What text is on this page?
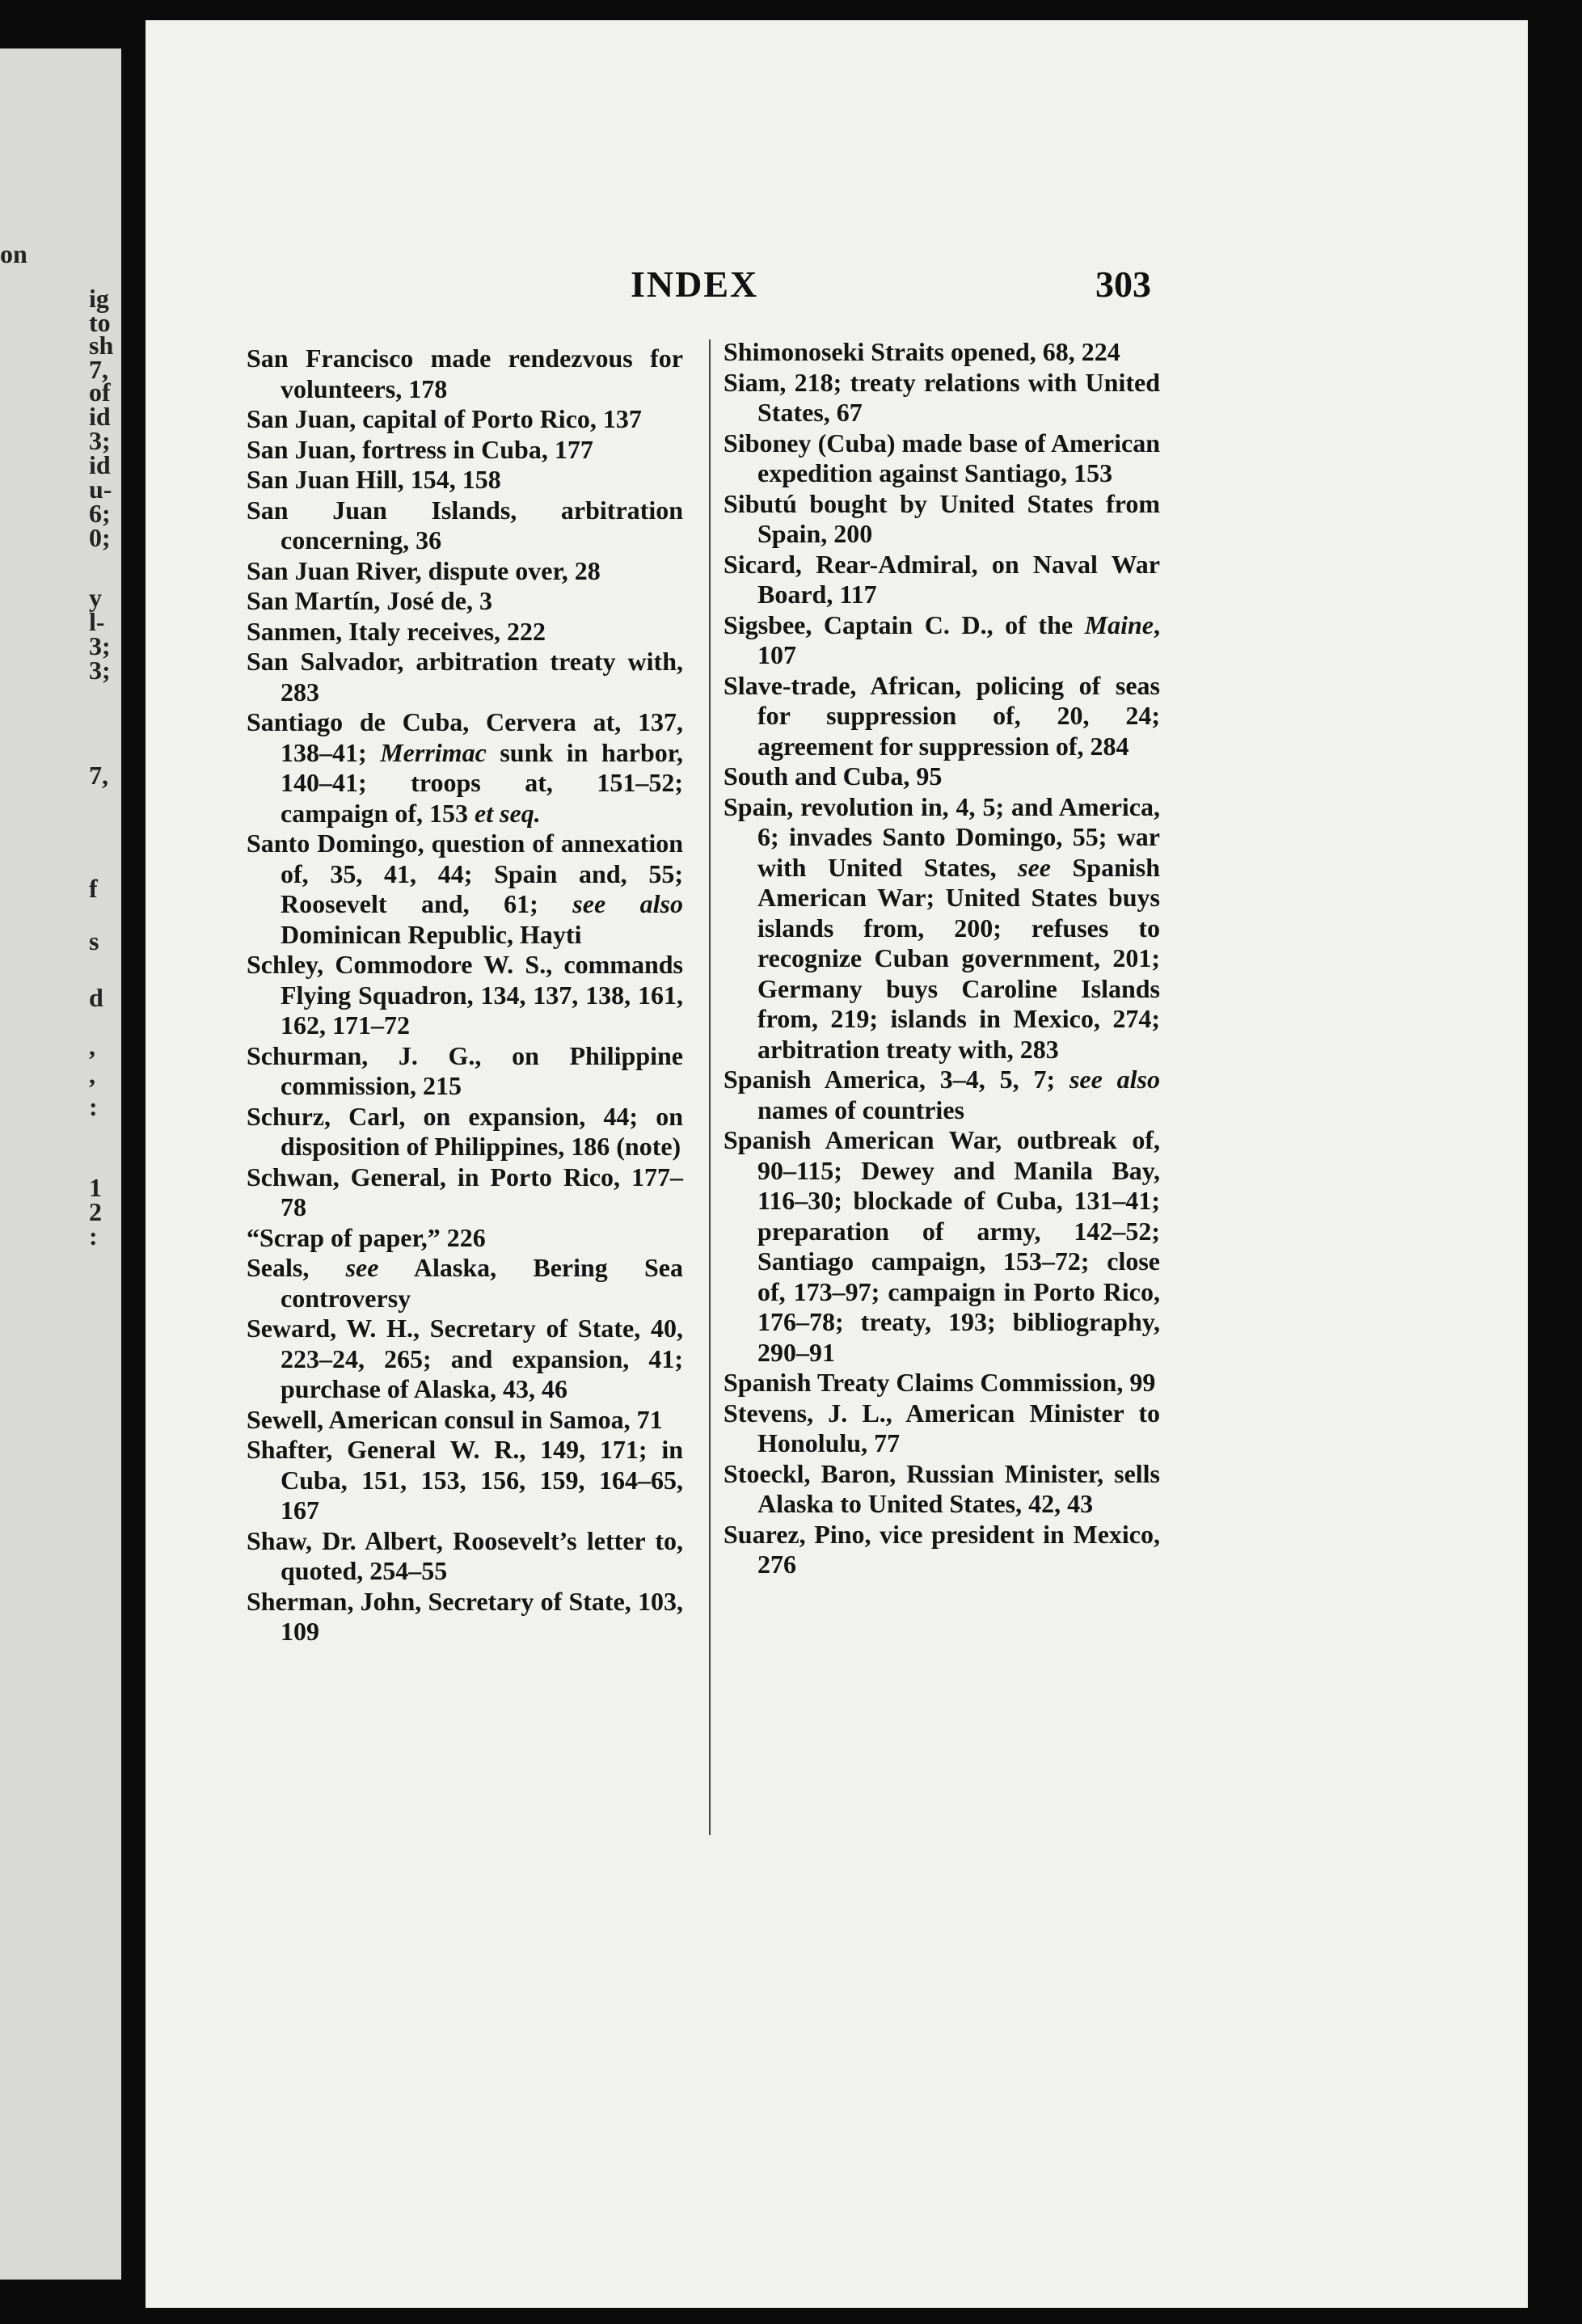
on
ig
to
sh
7,
of
id
3;
id
u-
6;
0;
y
l-
3;
3;
7,
f
s
d
,
,
:
1
2
:
INDEX	303
San Francisco made rendezvous for volunteers, 178
San Juan, capital of Porto Rico, 137
San Juan, fortress in Cuba, 177
San Juan Hill, 154, 158
San Juan Islands, arbitration concerning, 36
San Juan River, dispute over, 28
San Martín, José de, 3
Sanmen, Italy receives, 222
San Salvador, arbitration treaty with, 283
Santiago de Cuba, Cervera at, 137, 138–41; Merrimac sunk in harbor, 140–41; troops at, 151–52; campaign of, 153 et seq.
Santo Domingo, question of annexation of, 35, 41, 44; Spain and, 55; Roosevelt and, 61; see also Dominican Republic, Hayti
Schley, Commodore W. S., commands Flying Squadron, 134, 137, 138, 161, 162, 171–72
Schurman, J. G., on Philippine commission, 215
Schurz, Carl, on expansion, 44; on disposition of Philippines, 186 (note)
Schwan, General, in Porto Rico, 177–78
“Scrap of paper,” 226
Seals, see Alaska, Bering Sea controversy
Seward, W. H., Secretary of State, 40, 223–24, 265; and expansion, 41; purchase of Alaska, 43, 46
Sewell, American consul in Samoa, 71
Shafter, General W. R., 149, 171; in Cuba, 151, 153, 156, 159, 164–65, 167
Shaw, Dr. Albert, Roosevelt’s letter to, quoted, 254–55
Sherman, John, Secretary of State, 103, 109
Shimonoseki Straits opened, 68, 224
Siam, 218; treaty relations with United States, 67
Siboney (Cuba) made base of American expedition against Santiago, 153
Sibutú bought by United States from Spain, 200
Sicard, Rear-Admiral, on Naval War Board, 117
Sigsbee, Captain C. D., of the Maine, 107
Slave-trade, African, policing of seas for suppression of, 20, 24; agreement for suppression of, 284
South and Cuba, 95
Spain, revolution in, 4, 5; and America, 6; invades Santo Domingo, 55; war with United States, see Spanish American War; United States buys islands from, 200; refuses to recognize Cuban government, 201; Germany buys Caroline Islands from, 219; islands in Mexico, 274; arbitration treaty with, 283
Spanish America, 3–4, 5, 7; see also names of countries
Spanish American War, outbreak of, 90–115; Dewey and Manila Bay, 116–30; blockade of Cuba, 131–41; preparation of army, 142–52; Santiago campaign, 153–72; close of, 173–97; campaign in Porto Rico, 176–78; treaty, 193; bibliography, 290–91
Spanish Treaty Claims Commission, 99
Stevens, J. L., American Minister to Honolulu, 77
Stoeckl, Baron, Russian Minister, sells Alaska to United States, 42, 43
Suarez, Pino, vice president in Mexico, 276
